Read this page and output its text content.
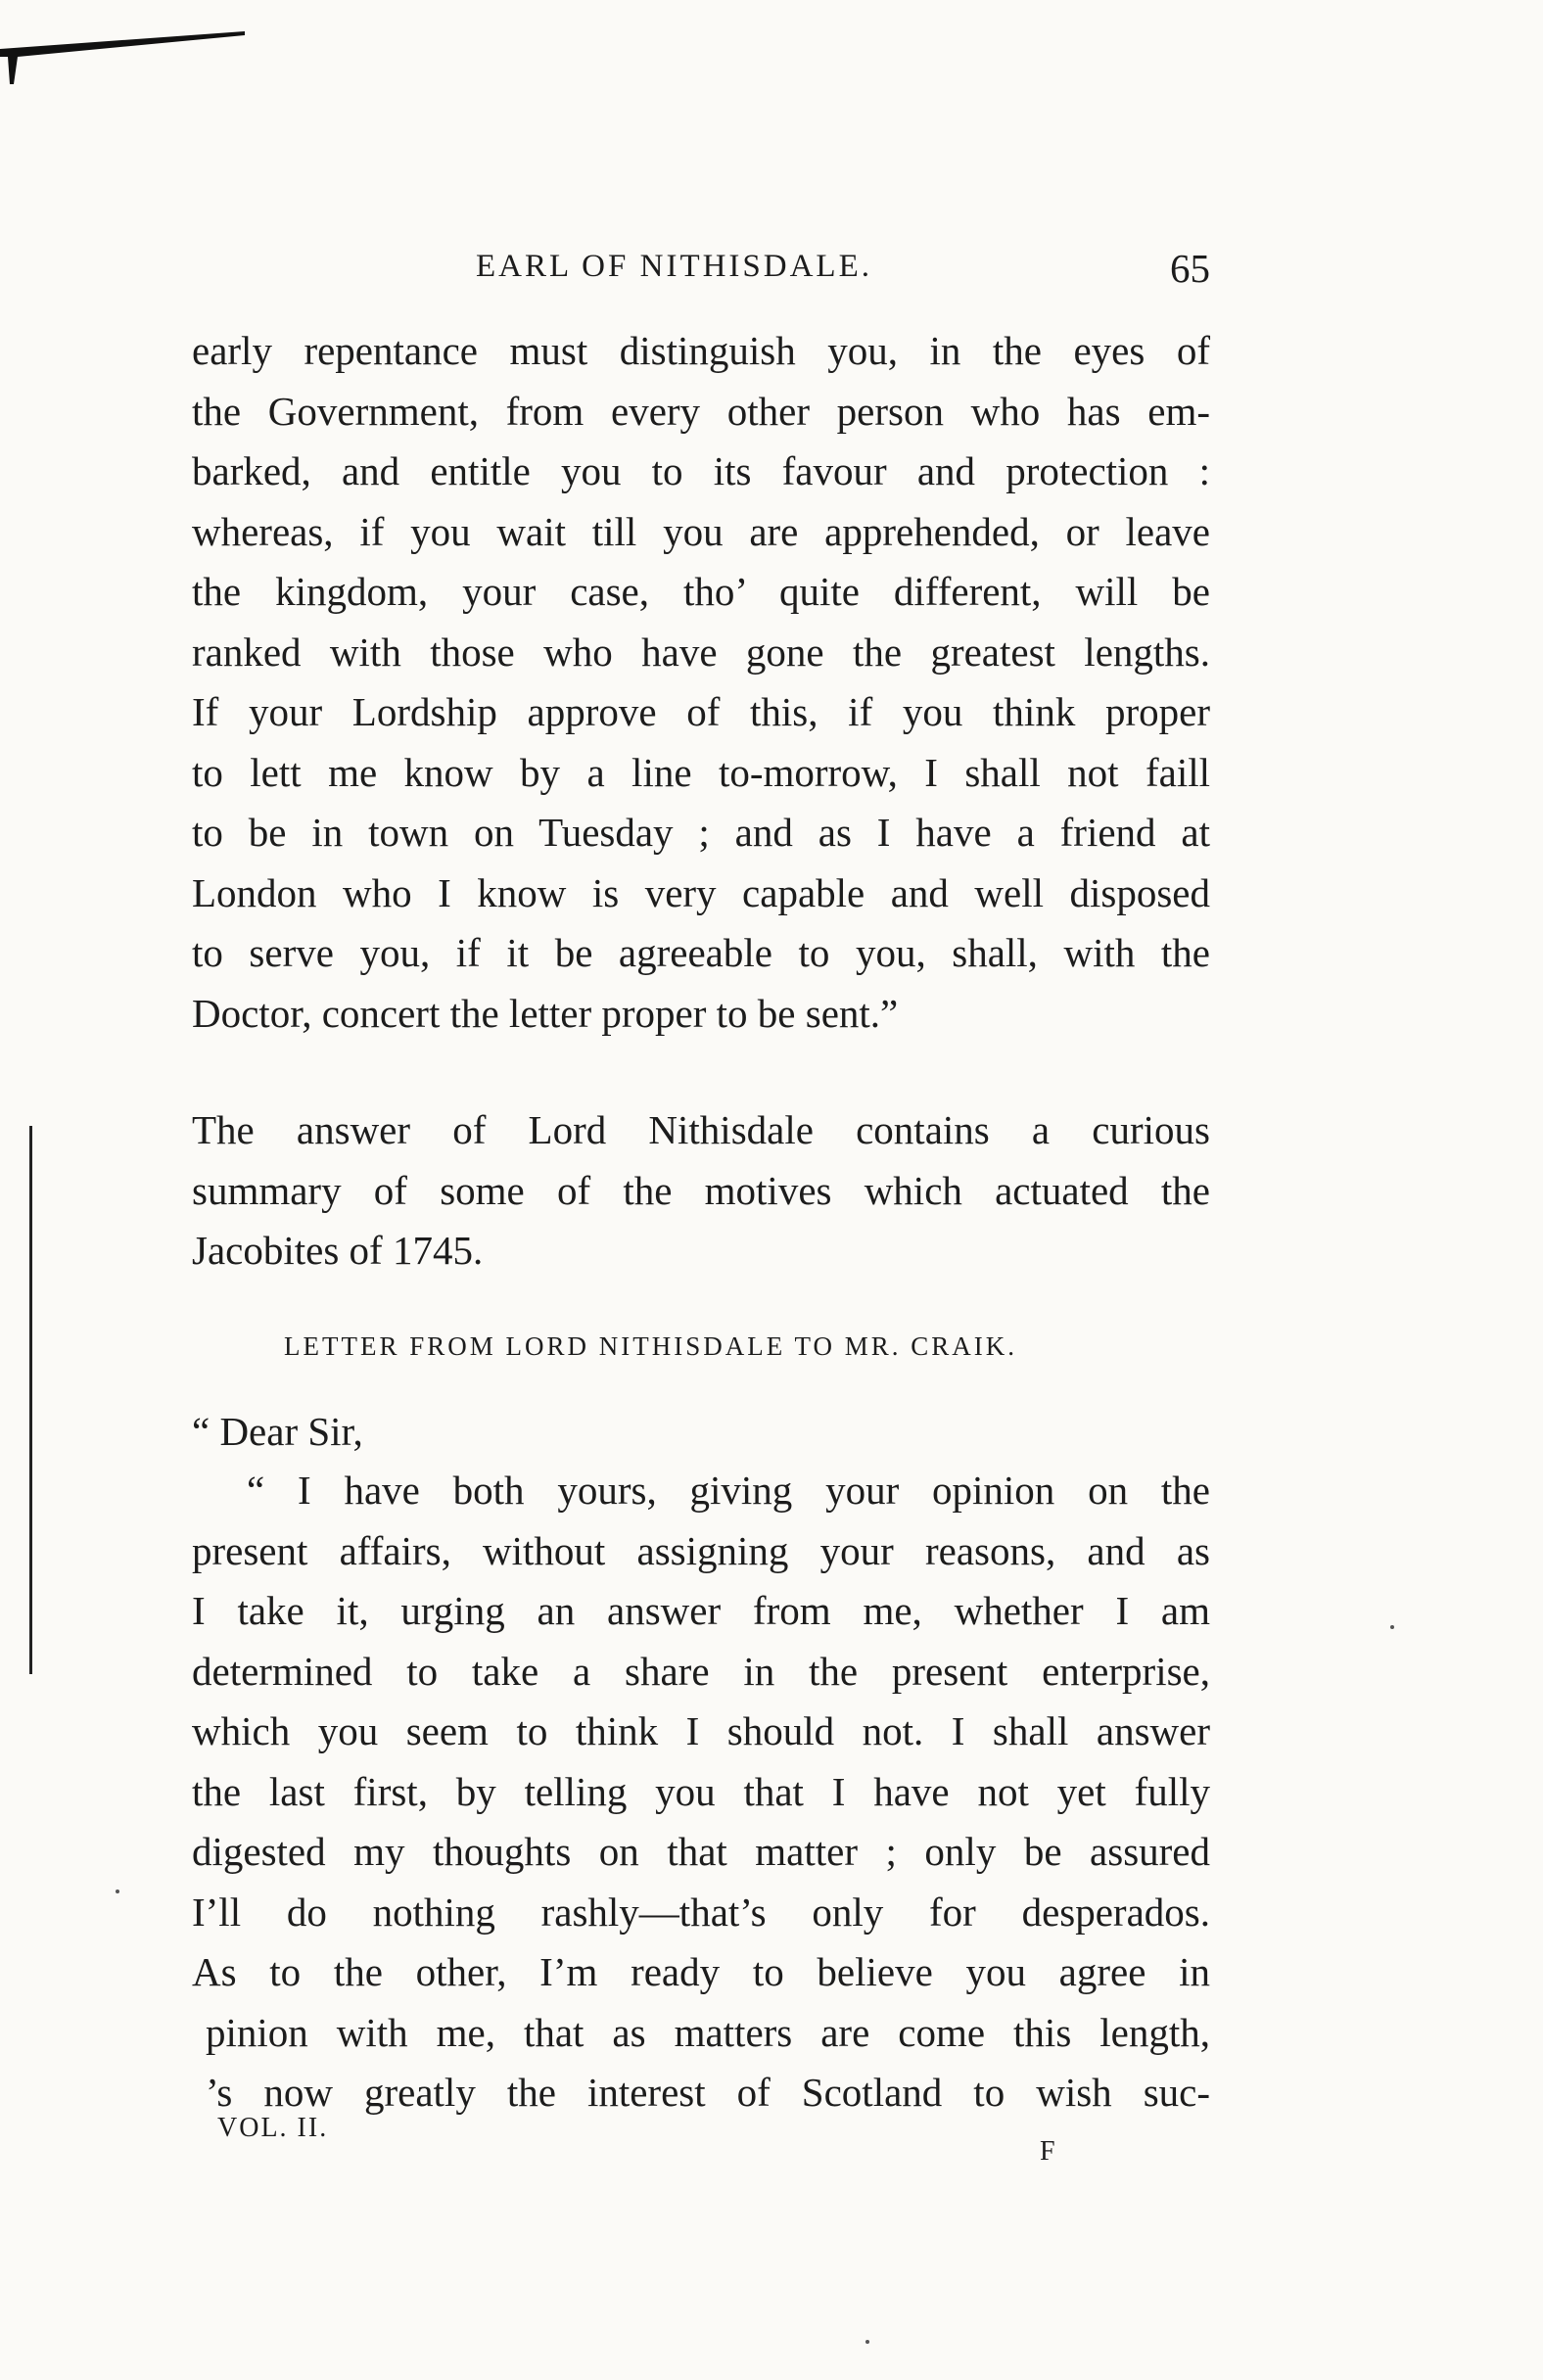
EARL OF NITHISDALE.	65
early repentance must distinguish you, in the eyes of
the Government, from every other person who has em-
barked, and entitle you to its favour and protection :
whereas, if you wait till you are apprehended, or leave
the kingdom, your case, tho’ quite different, will be
ranked with those who have gone the greatest lengths.
If your Lordship approve of this, if you think proper
to lett me know by a line to-morrow, I shall not faill
to be in town on Tuesday ; and as I have a friend at
London who I know is very capable and well disposed
to serve you, if it be agreeable to you, shall, with the
Doctor, concert the letter proper to be sent.”
The answer of Lord Nithisdale contains a curious
summary of some of the motives which actuated the
Jacobites of 1745.
LETTER FROM LORD NITHISDALE TO MR. CRAIK.
“ Dear Sir,
“ I have both yours, giving your opinion on the
present affairs, without assigning your reasons, and as
I take it, urging an answer from me, whether I am
determined to take a share in the present enterprise,
which you seem to think I should not. I shall answer
the last first, by telling you that I have not yet fully
digested my thoughts on that matter ; only be assured
I’ll do nothing rashly—that’s only for desperados.
As to the other, I’m ready to believe you agree in
pinion with me, that as matters are come this length,
’s now greatly the interest of Scotland to wish suc-
VOL. II.
F
